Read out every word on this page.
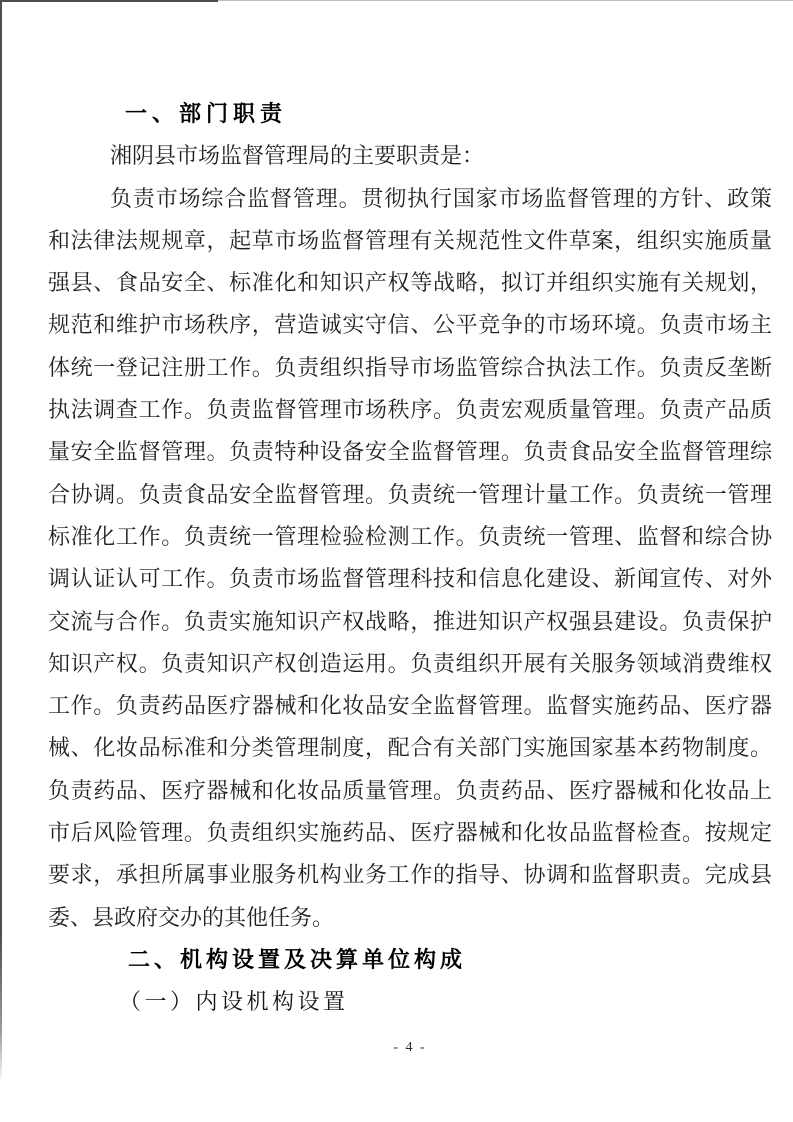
一、部门职责
湘阴县市场监督管理局的主要职责是：
负责市场综合监督管理。贯彻执行国家市场监督管理的方针、政策
和法律法规规章，起草市场监督管理有关规范性文件草案，组织实施质量
强县、食品安全、标准化和知识产权等战略，拟订并组织实施有关规划，
规范和维护市场秩序，营造诚实守信、公平竞争的市场环境。负责市场主
体统一登记注册工作。负责组织指导市场监管综合执法工作。负责反垄断
执法调查工作。负责监督管理市场秩序。负责宏观质量管理。负责产品质
量安全监督管理。负责特种设备安全监督管理。负责食品安全监督管理综
合协调。负责食品安全监督管理。负责统一管理计量工作。负责统一管理
标准化工作。负责统一管理检验检测工作。负责统一管理、监督和综合协
调认证认可工作。负责市场监督管理科技和信息化建设、新闻宣传、对外
交流与合作。负责实施知识产权战略，推进知识产权强县建设。负责保护
知识产权。负责知识产权创造运用。负责组织开展有关服务领域消费维权
工作。负责药品医疗器械和化妆品安全监督管理。监督实施药品、医疗器
械、化妆品标准和分类管理制度，配合有关部门实施国家基本药物制度。
负责药品、医疗器械和化妆品质量管理。负责药品、医疗器械和化妆品上
市后风险管理。负责组织实施药品、医疗器械和化妆品监督检查。按规定
要求，承担所属事业服务机构业务工作的指导、协调和监督职责。完成县
委、县政府交办的其他任务。
二、机构设置及决算单位构成
（一）内设机构设置
- 4 -
